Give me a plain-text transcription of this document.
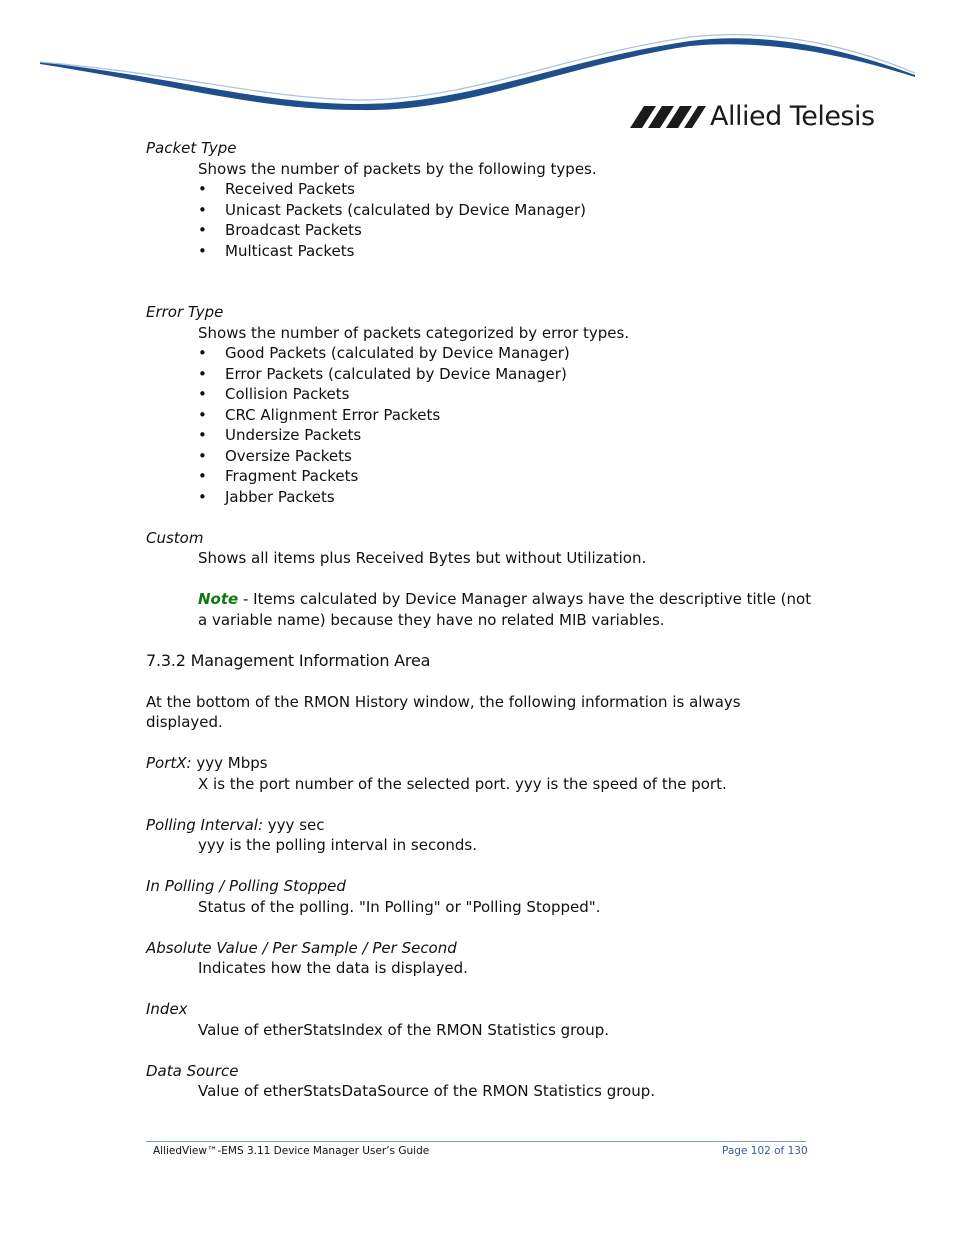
Allied Telesis
Packet Type
Shows the number of packets by the following types.
• Received Packets
• Unicast Packets (calculated by Device Manager)
• Broadcast Packets
• Multicast Packets
Error Type
Shows the number of packets categorized by error types.
• Good Packets (calculated by Device Manager)
• Error Packets (calculated by Device Manager)
• Collision Packets
• CRC Alignment Error Packets
• Undersize Packets
• Oversize Packets
• Fragment Packets
• Jabber Packets
Custom
Shows all items plus Received Bytes but without Utilization.
Note - Items calculated by Device Manager always have the descriptive title (not a variable name) because they have no related MIB variables.
7.3.2 Management Information Area
At the bottom of the RMON History window, the following information is always displayed.
PortX: yyy Mbps
X is the port number of the selected port. yyy is the speed of the port.
Polling Interval: yyy sec
yyy is the polling interval in seconds.
In Polling / Polling Stopped
Status of the polling. "In Polling" or "Polling Stopped".
Absolute Value / Per Sample / Per Second
Indicates how the data is displayed.
Index
Value of etherStatsIndex of the RMON Statistics group.
Data Source
Value of etherStatsDataSource of the RMON Statistics group.
AlliedView™-EMS 3.11 Device Manager User’s Guide	Page 102 of 130
